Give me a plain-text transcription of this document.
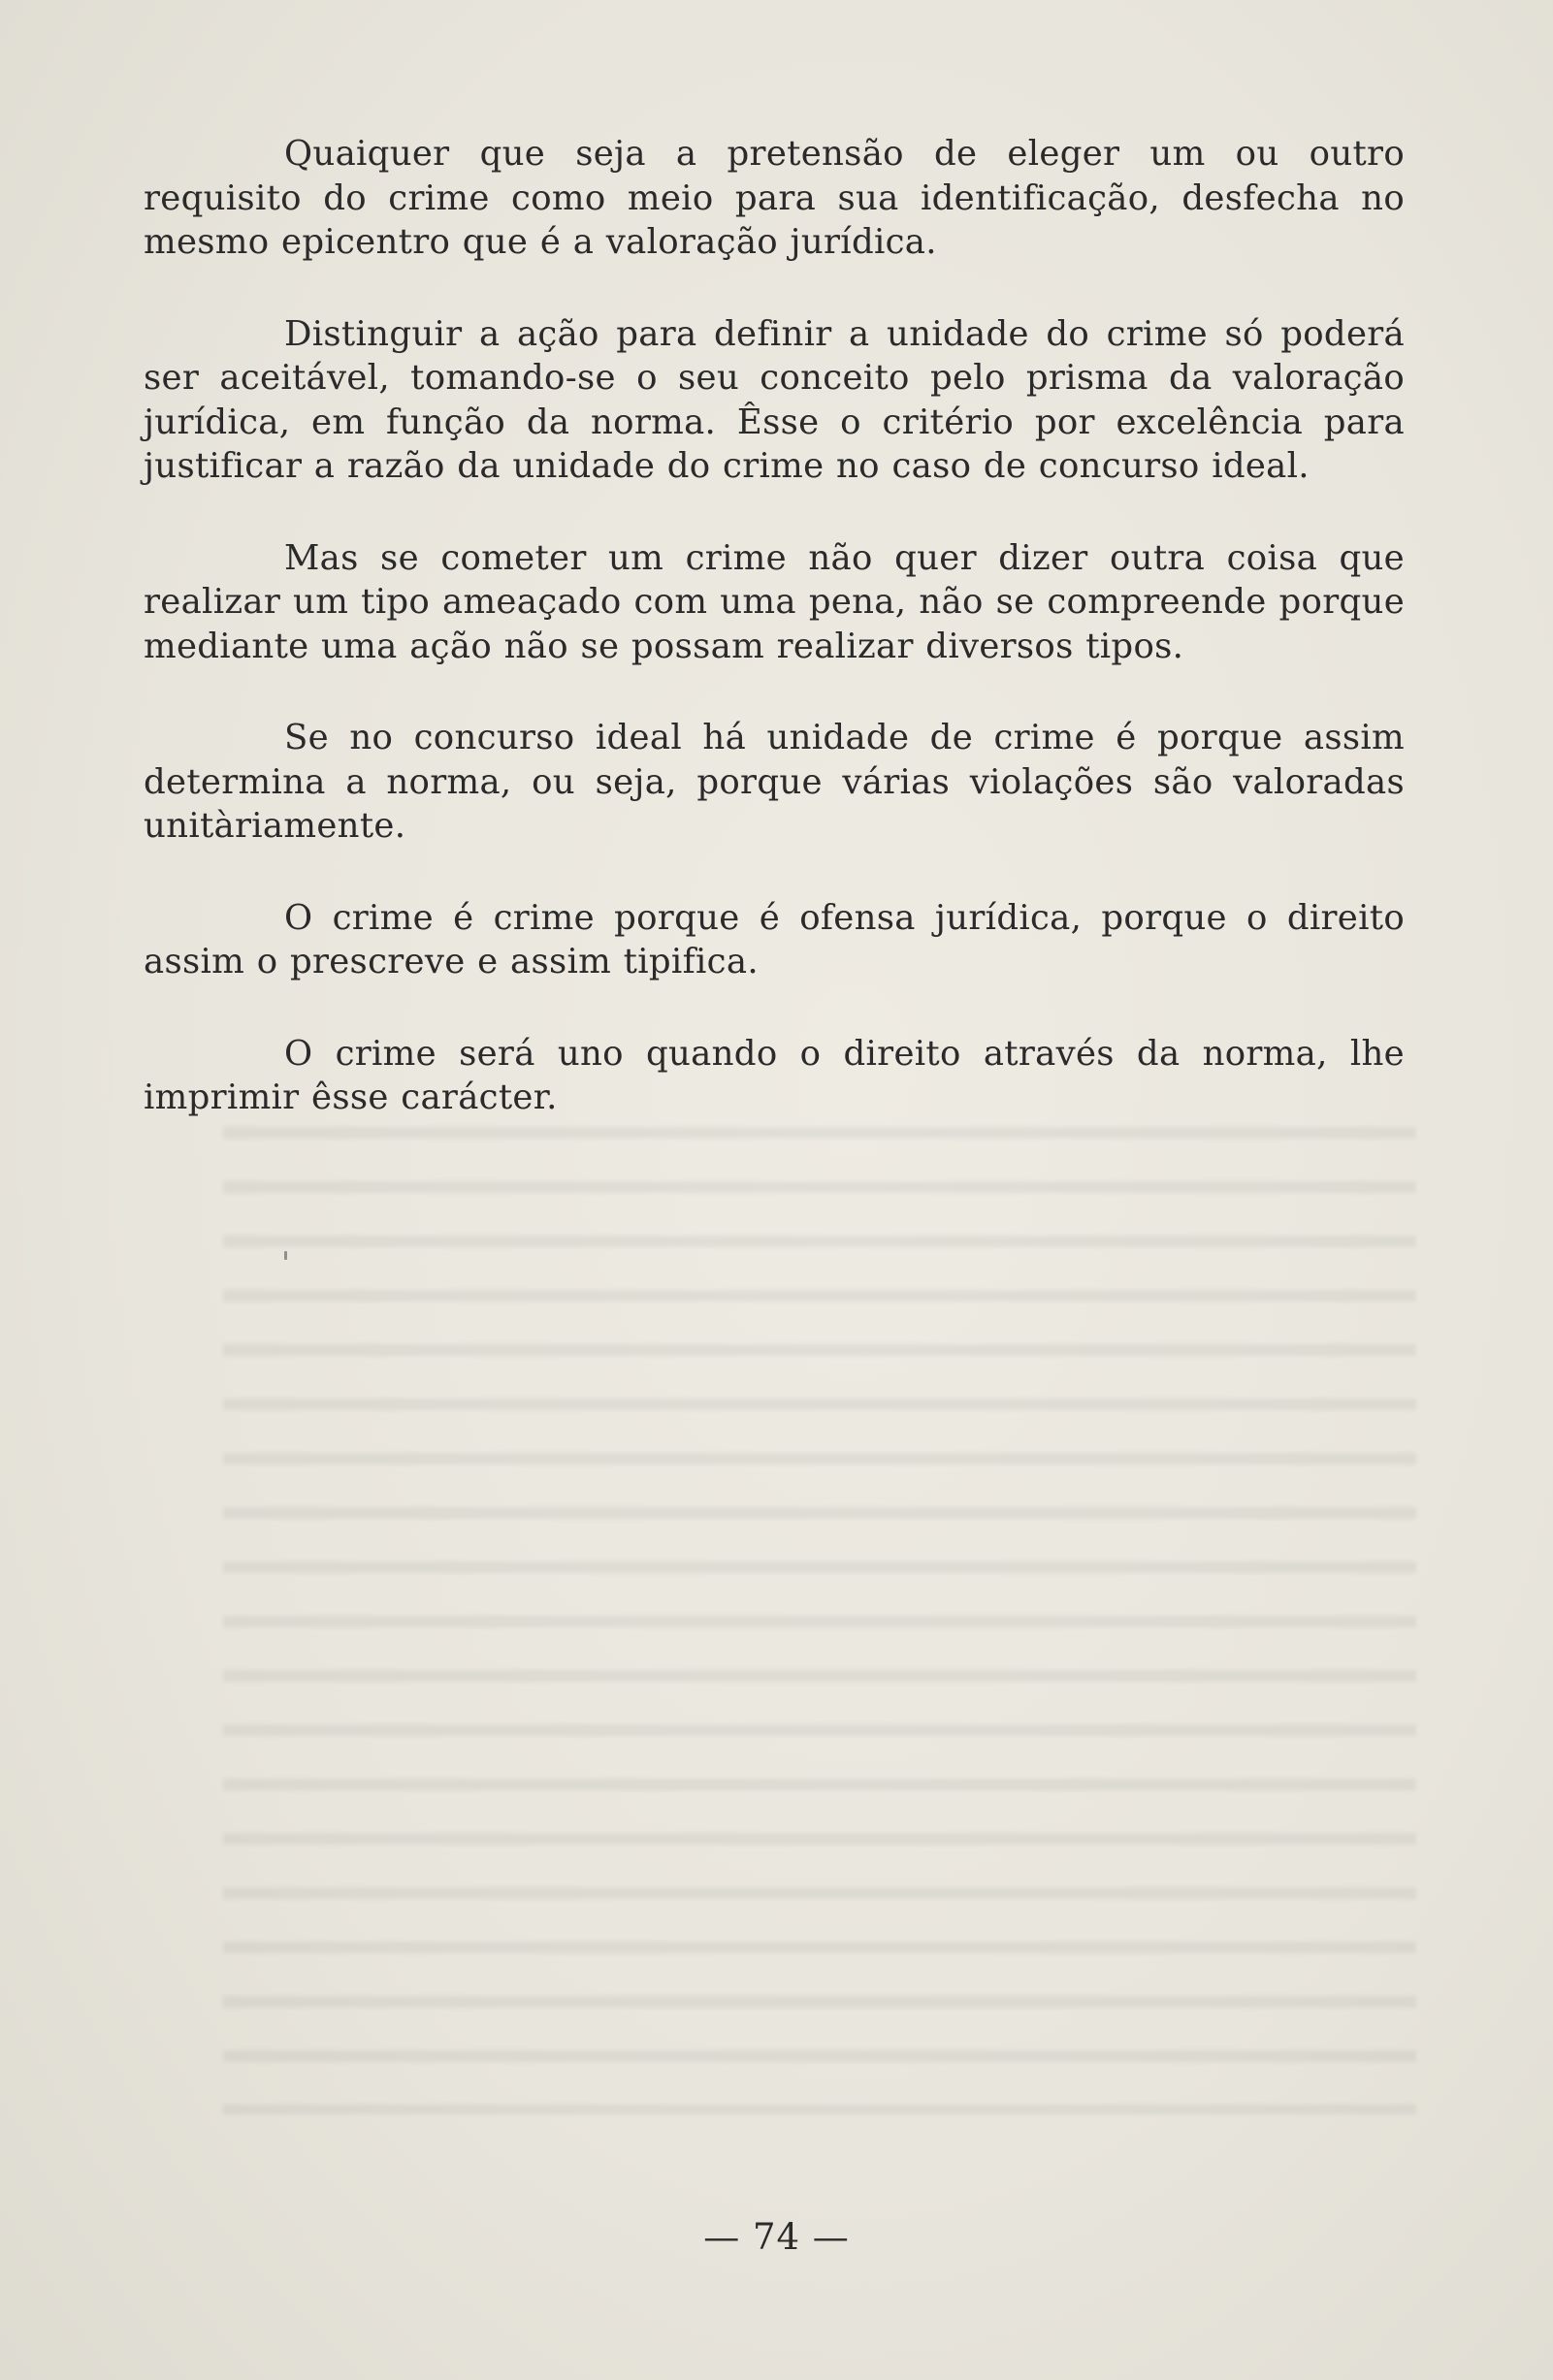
Quaiquer que seja a pretensão de eleger um ou outro requisito do crime como meio para sua identificação, desfecha no mesmo epicentro que é a valoração jurídica.

Distinguir a ação para definir a unidade do crime só poderá ser aceitável, tomando-se o seu conceito pelo prisma da valoração jurídica, em função da norma. Êsse o critério por excelência para justificar a razão da unidade do crime no caso de concurso ideal.

Mas se cometer um crime não quer dizer outra coisa que realizar um tipo ameaçado com uma pena, não se compreende porque mediante uma ação não se possam realizar diversos tipos.

Se no concurso ideal há unidade de crime é porque assim determina a norma, ou seja, porque várias violações são valoradas unitàriamente.

O crime é crime porque é ofensa jurídica, porque o direito assim o prescreve e assim tipifica.

O crime será uno quando o direito através da norma, lhe imprimir êsse carácter.

— 74 —
